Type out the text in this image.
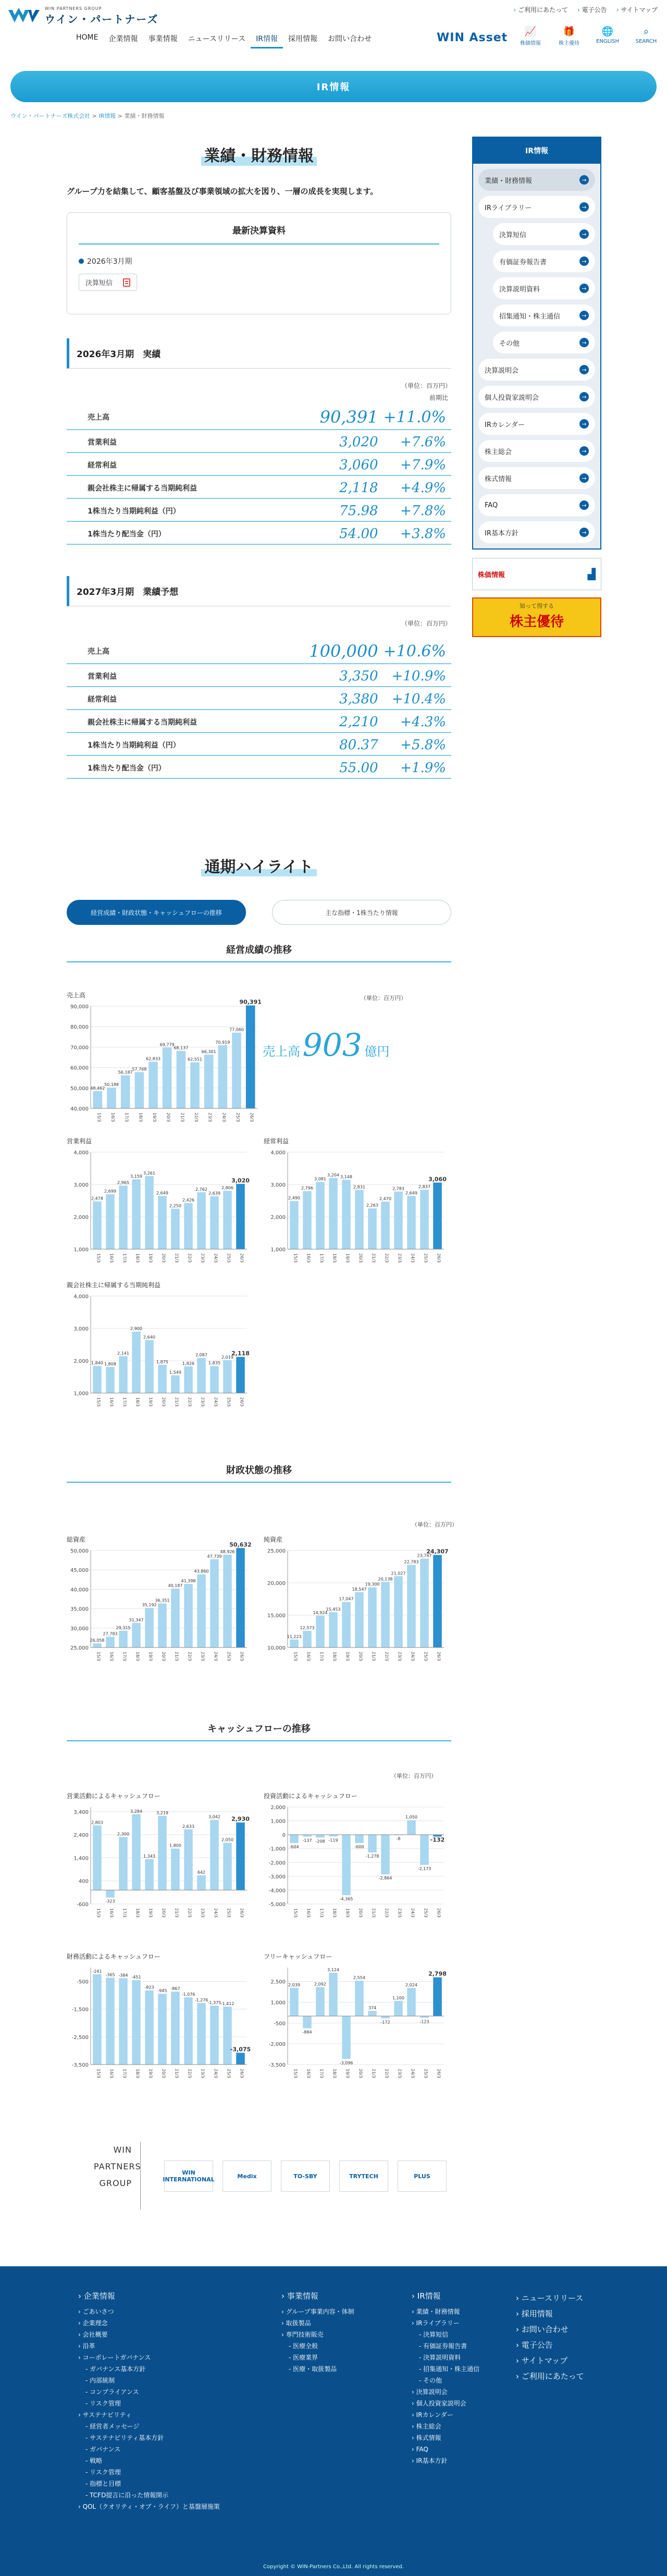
WIN PARTNERS GROUP
ウイン・パートナーズ
› ご利用にあたって	› 電子公告	› サイトマップ
HOME	企業情報	事業情報	ニュースリリース	IR情報	採用情報	お問い合わせ	WIN Asset	📈
株価情報
🎁
株主優待
🌐
ENGLISH
⌕
SEARCH
IR情報
ウイン・パートナーズ株式会社 > IR情報 > 業績・財務情報
業績・財務情報

グループ力を結集して、顧客基盤及び事業領域の拡大を図り、一層の成長を実現します。

最新決算資料
2026年3月期
決算短信
2026年3月期　実績
（単位：百万円）
		前期比
売上高	90,391	+11.0%
営業利益	3,020	+7.6%
経常利益	3,060	+7.9%
親会社株主に帰属する当期純利益	2,118	+4.9%
1株当たり当期純利益（円）	75.98	+7.8%
1株当たり配当金（円）	54.00	+3.8%
2027年3月期　業績予想
（単位：百万円）
売上高	100,000	+10.6%
営業利益	3,350	+10.9%
経常利益	3,380	+10.4%
親会社株主に帰属する当期純利益	2,210	+4.3%
1株当たり当期純利益（円）	80.37	+5.8%
1株当たり配当金（円）	55.00	+1.9%
通期ハイライト
経営成績・財政状態・キャッシュフローの推移	主な指標・1株当たり情報
経営成績の推移
（単位：百万円）
売上高 903 億円
財政状態の推移
（単位：百万円）
キャッシュフローの推移
（単位：百万円）
売上高
40,000
50,000
60,000
70,000
80,000
90,000
48,462
15/3
50,188
16/3
56,187
17/3
57,768
18/3
62,833
19/3
69,779
20/3
68,137
21/3
62,551
22/3
66,301
23/3
70,919
24/3
77,060
25/3
90,391
26/3
営業利益
1,000
2,000
3,000
4,000
2,478
15/3
2,699
16/3
2,965
17/3
3,159
18/3
3,261
19/3
2,649
20/3
2,250
21/3
2,426
22/3
2,762
23/3
2,639
24/3
2,806
25/3
3,020
26/3
経常利益
1,000
2,000
3,000
4,000
2,490
15/3
2,796
16/3
3,081
17/3
3,204
18/3
3,148
19/3
2,831
20/3
2,263
21/3
2,470
22/3
2,783
23/3
2,649
24/3
2,837
25/3
3,060
26/3
親会社株主に帰属する当期純利益
1,000
2,000
3,000
4,000
1,840
15/3
1,808
16/3
2,141
17/3
2,900
18/3
2,640
19/3
1,875
20/3
1,549
21/3
1,826
22/3
2,087
23/3
1,835
24/3
2,019
25/3
2,118
26/3
総資産
25,000
30,000
35,000
40,000
45,000
50,000
26,058
15/3
27,783
16/3
29,315
17/3
31,347
18/3
35,192
19/3
36,351
20/3
40,187
21/3
41,398
22/3
43,860
23/3
47,739
24/3
48,926
25/3
50,632
26/3
純資産
10,000
15,000
20,000
25,000
11,223
15/3
12,573
16/3
14,924
17/3
15,453
18/3
17,047
19/3
18,547
20/3
19,300
21/3
20,138
22/3
21,027
23/3
22,783
24/3
23,747
25/3
24,307
26/3
営業活動によるキャッシュフロー
-600
400
1,400
2,400
3,400
2,803
15/3
-323
16/3
2,300
17/3
3,284
18/3
1,343
19/3
3,219
20/3
1,800
21/3
2,633
22/3
642
23/3
3,042
24/3
2,050
25/3
2,930
26/3
投資活動によるキャッシュフロー
-5,000
-4,000
-3,000
-2,000
-1,000
0
1,000
2,000
-604
15/3
-137
16/3
-208
17/3
-119
18/3
-4,365
19/3
-600
20/3
-1,278
21/3
-2,864
22/3
-8
23/3
1,050
24/3
-2,173
25/3
-132
26/3
財務活動によるキャッシュフロー
-3,500
-2,500
-1,500
-500
-241
15/3
-365
16/3
-384
17/3
-451
18/3
-823
19/3
-945
20/3
-867
21/3
-1,076
22/3
-1,276
23/3
-1,375
24/3
-1,412
25/3
-3,075
26/3
フリーキャッシュフロー
-3,500
-2,000
-500
1,000
2,500 2,039
15/3
-884
16/3
2,092
17/3
3,124
18/3
-3,096
19/3
2,554
20/3
374
21/3
-172
22/3
1,100
23/3
2,024
24/3
-123
25/3
2,798
26/3
WIN
PARTNERS
GROUP
WIN INTERNATIONAL	Medix	TO-SBY	TRYTECH	PLUS
IR情報
業績・財務情報	→
IRライブラリー	→
決算短信	→
有価証券報告書	→
決算説明資料	→
招集通知・株主通信	→
その他	→
決算説明会	→
個人投資家説明会	→
IRカレンダー	→
株主総会	→
株式情報	→
FAQ	→
IR基本方針	→
株価情報	▟
知って得する
株主優待
› 企業情報
› ごあいさつ
› 企業理念
› 会社概要
› 沿革
› コーポレートガバナンス
- ガバナンス基本方針
- 内部統制
- コンプライアンス
- リスク管理
› サステナビリティ
- 経営者メッセージ
- サステナビリティ基本方針
- ガバナンス
- 戦略
- リスク管理
- 指標と目標
- TCFD提言に沿った情報開示
› QOL（クオリティ・オブ・ライフ）と基盤層施策
› 事業情報
› グループ事業内容・体制
› 取扱製品
› 専門技術販売
- 医療全般
- 医療業界
- 医療・取扱製品
› IR情報
› 業績・財務情報
› IRライブラリー
- 決算短信
- 有価証券報告書
- 決算説明資料
- 招集通知・株主通信
- その他
› 決算説明会
› 個人投資家説明会
› IRカレンダー
› 株主総会
› 株式情報
› FAQ
› IR基本方針
› ニュースリリース
› 採用情報
› お問い合わせ
› 電子公告
› サイトマップ
› ご利用にあたって
Copyright © WIN-Partners Co.,Ltd. All rights reserved.
